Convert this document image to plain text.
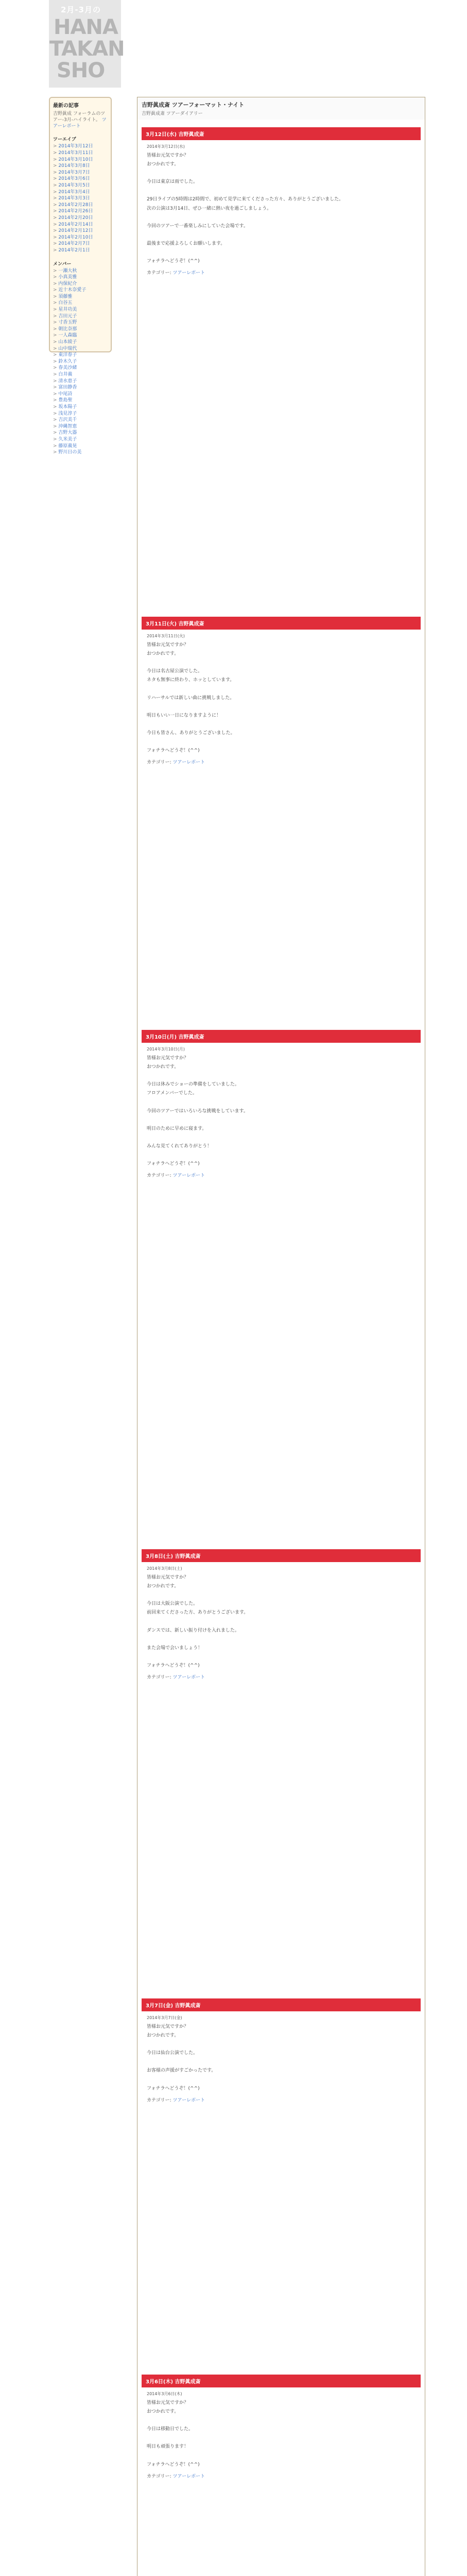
2月-3月の
HANA
TAKAN
SHO
最新の記事
吉野眞成 フォーラムのツアー-3月-ハイライト。 ツアーレポート
ツーエイブ
> 2014年3月12日
> 2014年3月11日
> 2014年3月10日
> 2014年3月8日
> 2014年3月7日
> 2014年3月6日
> 2014年3月5日
> 2014年3月4日
> 2014年3月3日
> 2014年2月28日
> 2014年2月26日
> 2014年2月20日
> 2014年2月14日
> 2014年2月12日
> 2014年2月10日
> 2014年2月7日
> 2014年2月1日
メンバー
> 一瀬大秋
> 小真美雅
> 内保紀介
> 近十木奈愛子
> 須藤雅
> 白谷五
> 星井功美
> 吉田元子
> 寸香玉野
> 朝比奈那
> 一人森臨
> 山本綾子
> 山中瑞代
> 東洋春子
> 鈴木久子
> 春美沙緒
> 白井義
> 清水恵子
> 富田静香
> 中尾詩
> 豊島聖
> 坂本陽子
> 浅見淳子
> 吉沢美千
> 沖縄智恵
> 吉野大器
> 久米美子
> 藤原義晃
> 野川日の美
吉野眞成斎 ツアーフォーマット・ナイト
吉野眞成斎 ツアーダイアリー
3月12日(水) 吉野眞成斎
2014年3月12日(水)
皆様お元気ですか？
おつかれです。

今日は東京は雨でした。

29日ライブの5時間は2時間で、初めて見学に来てくださった方々、ありがとうございました。
次の公演は3月14日、ぜひ一緒に熱い夜を過ごしましょう。

今回のツアーで一番楽しみにしていた会場です。

最後まで応援よろしくお願いします。

フォチラへどうぞ！(^^)
カテゴリー: ツアーレポート
3月11日(火) 吉野眞成斎
2014年3月11日(火)
皆様お元気ですか？
おつかれです。

今日は名古屋公演でした。
ネタも無事に終わり、ホッとしています。

リハーサルでは新しい曲に挑戦しました。

明日もいい一日になりますように！

今日も皆さん、ありがとうございました。

フォチラへどうぞ！(^^)
カテゴリー: ツアーレポート
3月10日(月) 吉野眞成斎
2014年3月10日(月)
皆様お元気ですか？
おつかれです。

今日は休みでショーの準備をしていました。
フロアメンバーでした。

今回のツアーではいろいろな挑戦をしています。

明日のために早めに寝ます。

みんな見てくれてありがとう！

フォチラへどうぞ！(^^)
カテゴリー: ツアーレポート
3月8日(土) 吉野眞成斎
2014年3月8日(土)
皆様お元気ですか？
おつかれです。

今日は大阪公演でした。
前回来てくださった方、ありがとうございます。

ダンスでは、新しい振り付けを入れました。

また会場で会いましょう！

フォチラへどうぞ！(^^)
カテゴリー: ツアーレポート
3月7日(金) 吉野眞成斎
2014年3月7日(金)
皆様お元気ですか？
おつかれです。

今日は仙台公演でした。

お客様の声援がすごかったです。

フォチラへどうぞ！(^^)
カテゴリー: ツアーレポート
3月6日(木) 吉野眞成斎
2014年3月6日(木)
皆様お元気ですか？
おつかれです。

今日は移動日でした。

明日も頑張ります！

フォチラへどうぞ！(^^)
カテゴリー: ツアーレポート
